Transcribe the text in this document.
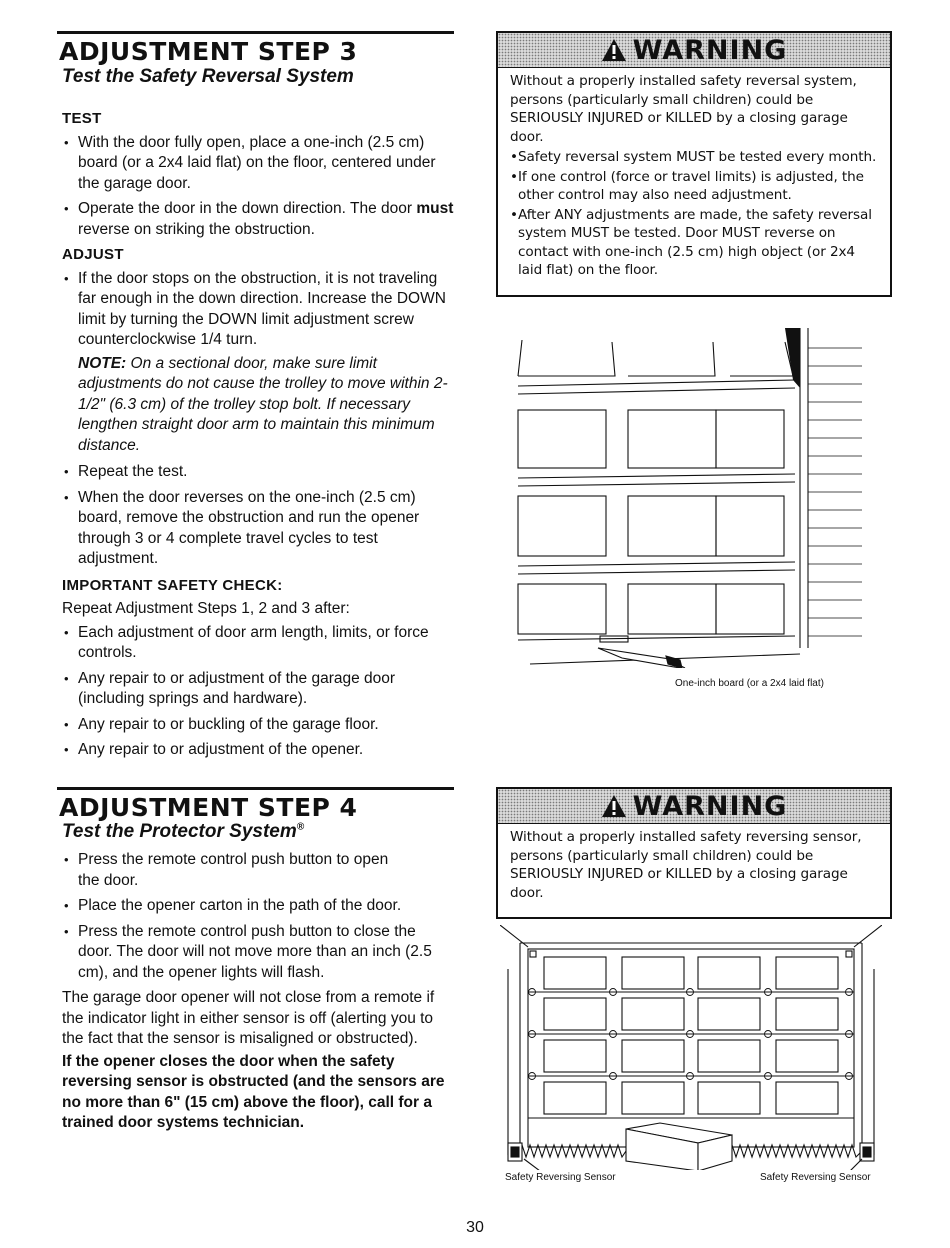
ADJUSTMENT STEP 3
Test the Safety Reversal System
TEST
• With the door fully open, place a one-inch (2.5 cm) board (or a 2x4 laid flat) on the floor, centered under the garage door.
• Operate the door in the down direction. The door must reverse on striking the obstruction.
ADJUST
• If the door stops on the obstruction, it is not traveling far enough in the down direction. Increase the DOWN limit by turning the DOWN limit adjustment screw counterclockwise 1/4 turn.
NOTE: On a sectional door, make sure limit adjustments do not cause the trolley to move within 2-1/2" (6.3 cm) of the trolley stop bolt. If necessary lengthen straight door arm to maintain this minimum distance.
• Repeat the test.
• When the door reverses on the one-inch (2.5 cm) board, remove the obstruction and run the opener through 3 or 4 complete travel cycles to test adjustment.
IMPORTANT SAFETY CHECK:

Repeat Adjustment Steps 1, 2 and 3 after:

• Each adjustment of door arm length, limits, or force controls.
• Any repair to or adjustment of the garage door (including springs and hardware).
• Any repair to or buckling of the garage floor.
• Any repair to or adjustment of the opener.
WARNING

Without a properly installed safety reversal system, persons (particularly small children) could be SERIOUSLY INJURED or KILLED by a closing garage door.

• Safety reversal system MUST be tested every month.
• If one control (force or travel limits) is adjusted, the other control may also need adjustment.
• After ANY adjustments are made, the safety reversal system MUST be tested. Door MUST reverse on contact with one-inch (2.5 cm) high object (or 2x4 laid flat) on the floor.
One-inch board (or a 2x4 laid flat)
ADJUSTMENT STEP 4
Test the Protector System®
• Press the remote control push button to open the door.
• Place the opener carton in the path of the door.
• Press the remote control push button to close the door. The door will not move more than an inch (2.5 cm), and the opener lights will flash.

The garage door opener will not close from a remote if the indicator light in either sensor is off (alerting you to the fact that the sensor is misaligned or obstructed).

If the opener closes the door when the safety reversing sensor is obstructed (and the sensors are no more than 6" (15 cm) above the floor), call for a trained door systems technician.

WARNING

Without a properly installed safety reversing sensor, persons (particularly small children) could be SERIOUSLY INJURED or KILLED by a closing garage door.

Safety Reversing Sensor	Safety Reversing Sensor
30
